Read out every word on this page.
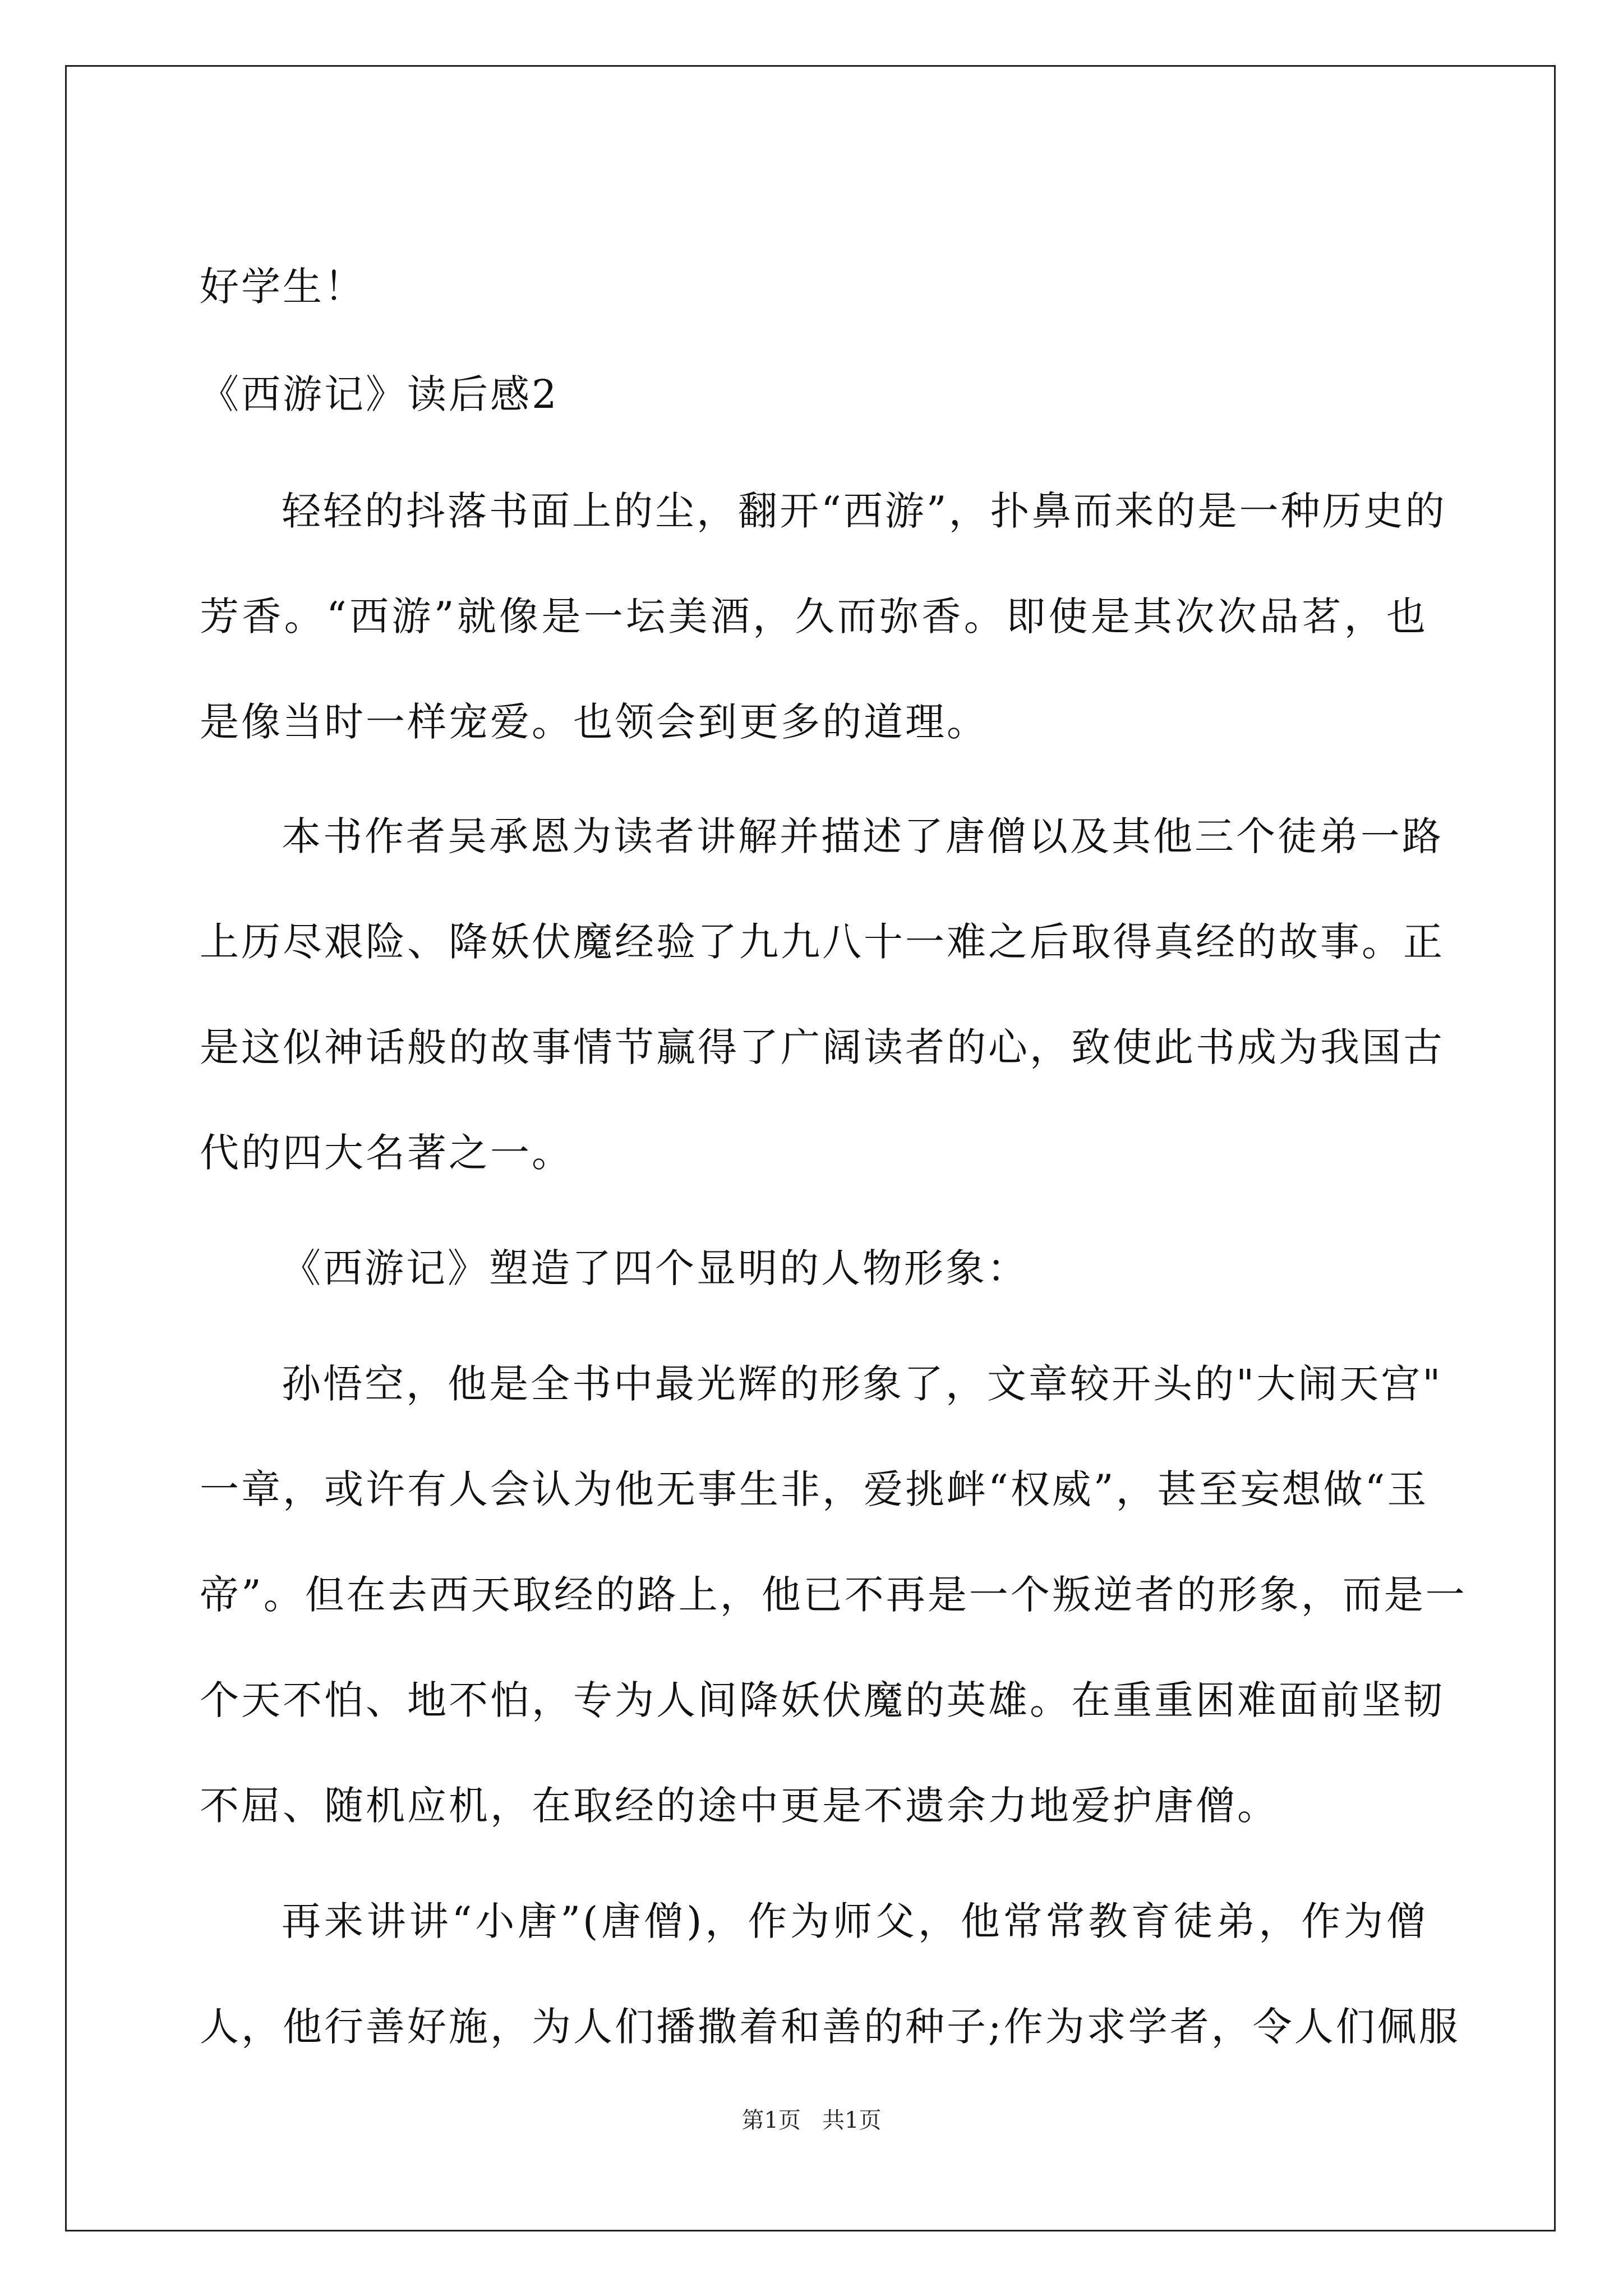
好学生！
《西游记》读后感2
轻轻的抖落书面上的尘，翻开“西游”，扑鼻而来的是一种历史的
芳香。“西游”就像是一坛美酒，久而弥香。即使是其次次品茗，也
是像当时一样宠爱。也领会到更多的道理。
本书作者吴承恩为读者讲解并描述了唐僧以及其他三个徒弟一路
上历尽艰险、降妖伏魔经验了九九八十一难之后取得真经的故事。正
是这似神话般的故事情节赢得了广阔读者的心，致使此书成为我国古
代的四大名著之一。
《西游记》塑造了四个显明的人物形象：
孙悟空，他是全书中最光辉的形象了，文章较开头的"大闹天宫"
一章，或许有人会认为他无事生非，爱挑衅“权威”，甚至妄想做“玉
帝”。但在去西天取经的路上，他已不再是一个叛逆者的形象，而是一
个天不怕、地不怕，专为人间降妖伏魔的英雄。在重重困难面前坚韧
不屈、随机应机，在取经的途中更是不遗余力地爱护唐僧。
再来讲讲“小唐”(唐僧)，作为师父，他常常教育徒弟，作为僧
人，他行善好施，为人们播撒着和善的种子;作为求学者，令人们佩服
第1页   共1页
